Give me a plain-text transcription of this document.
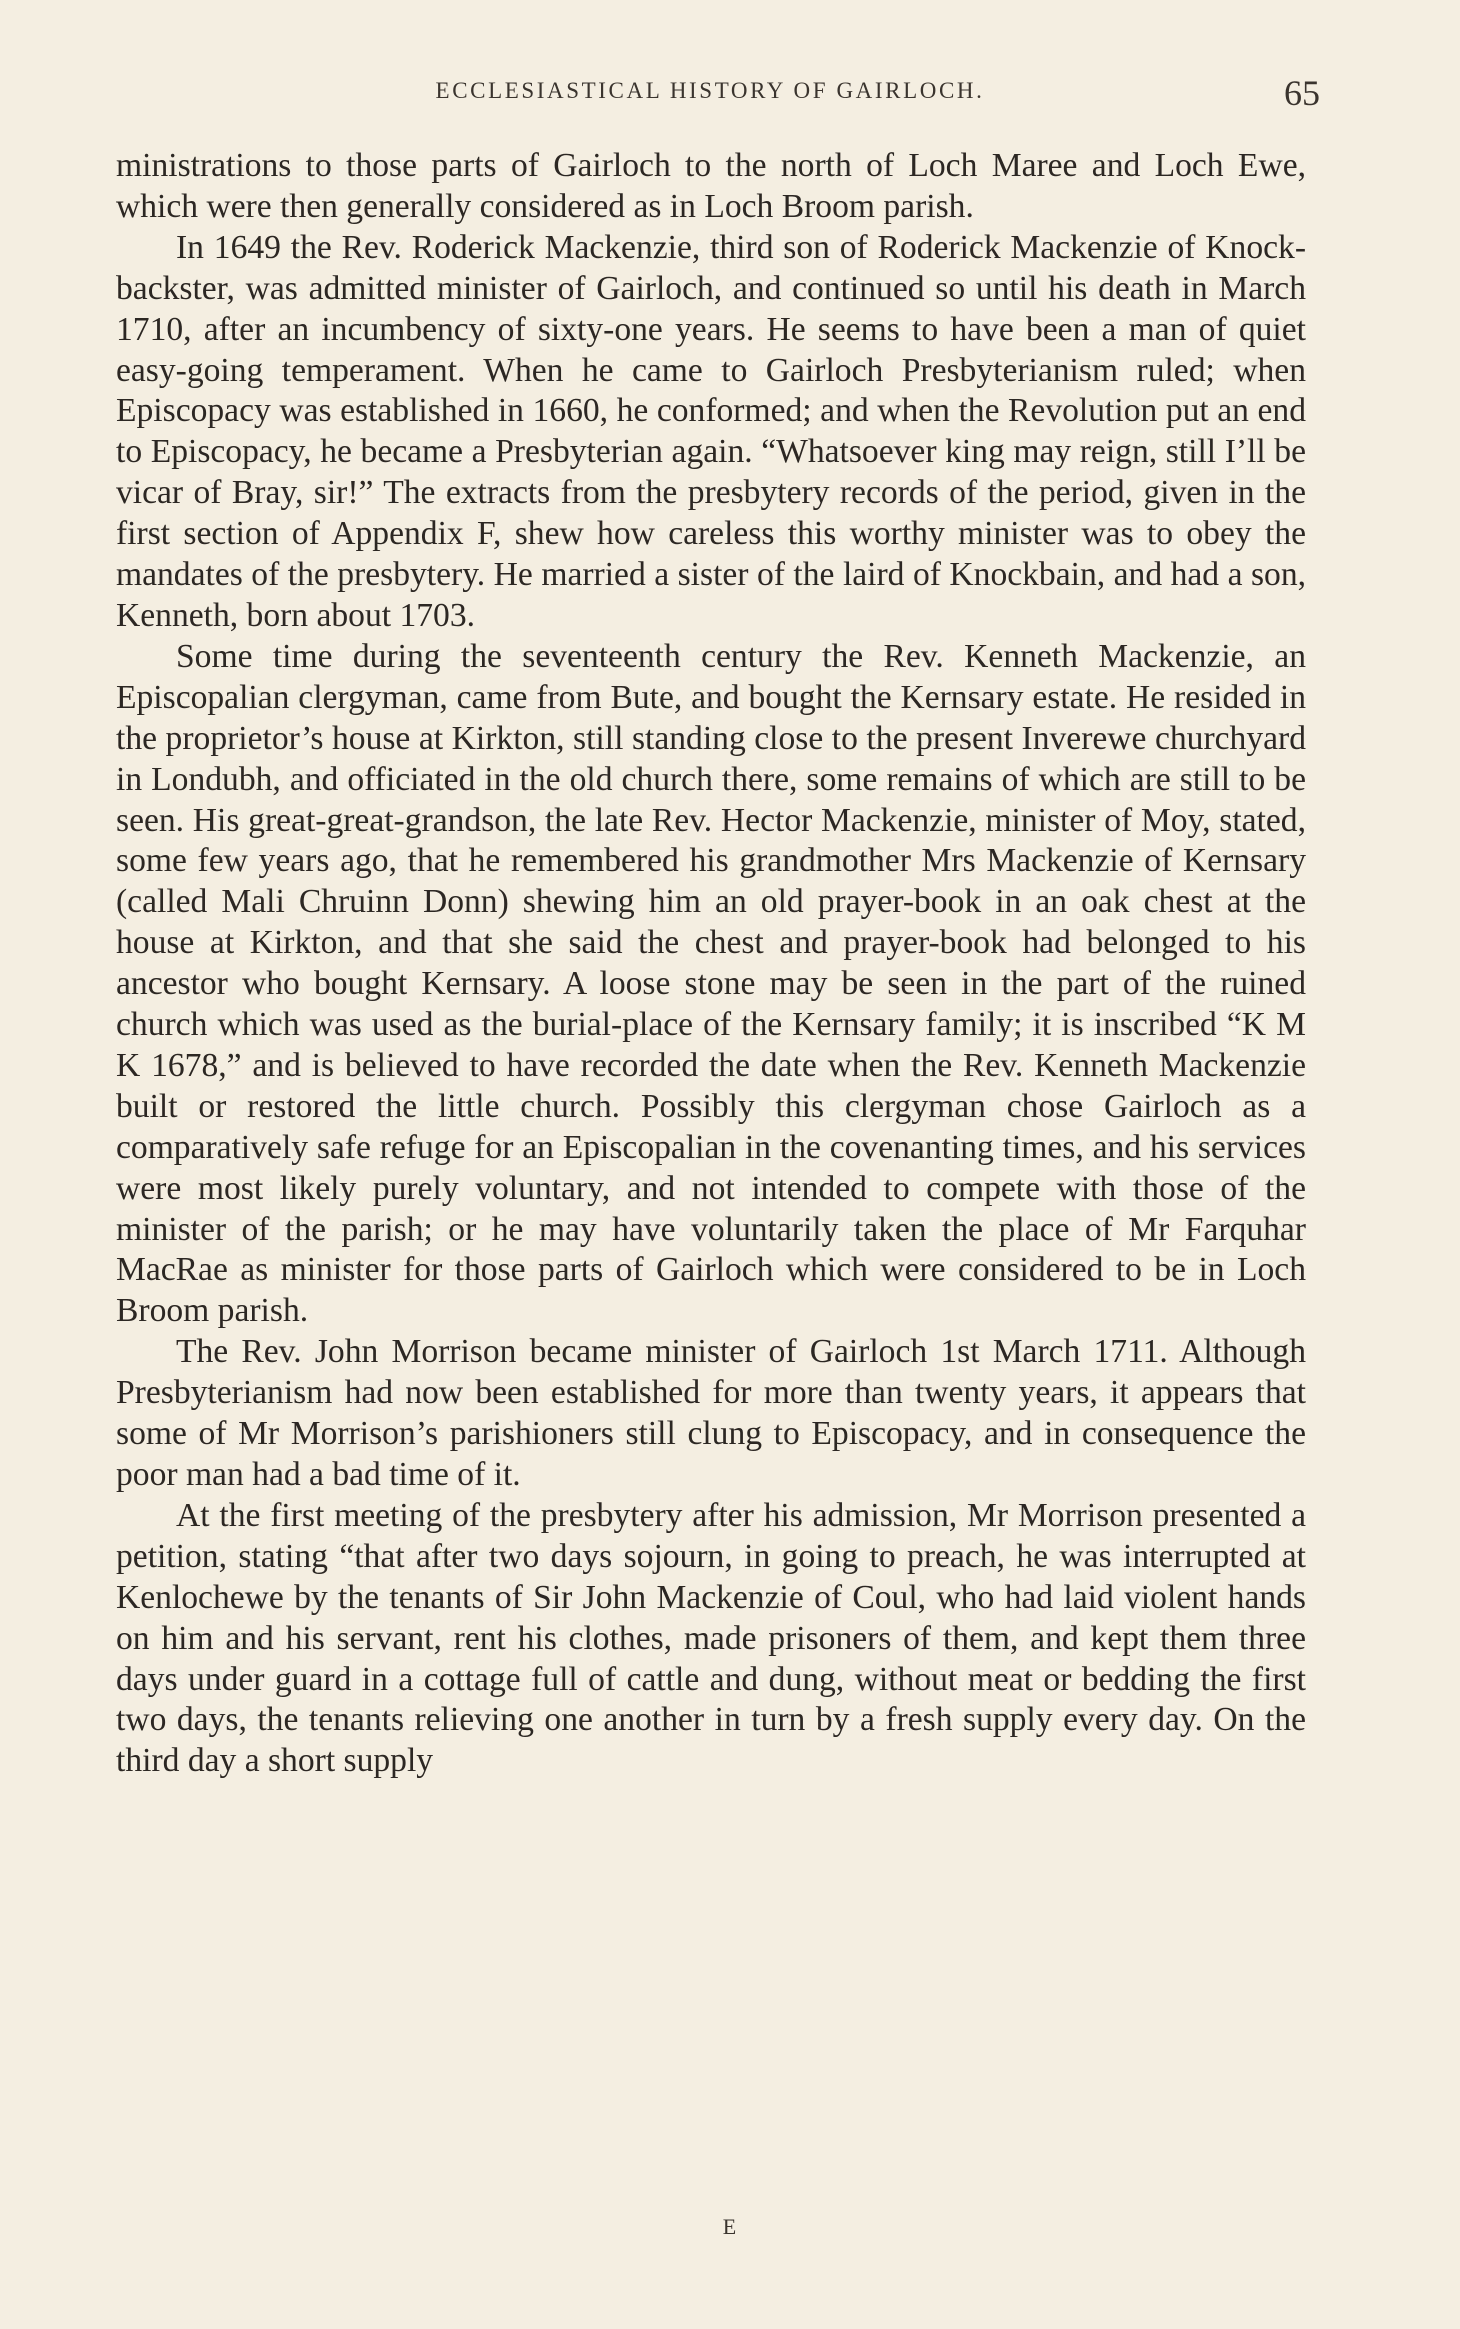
ECCLESIASTICAL HISTORY OF GAIRLOCH.	65

ministrations to those parts of Gairloch to the north of Loch Maree and Loch Ewe, which were then generally considered as in Loch Broom parish.

In 1649 the Rev. Roderick Mackenzie, third son of Roderick Mackenzie of Knock-backster, was admitted minister of Gairloch, and continued so until his death in March 1710, after an incumbency of sixty-one years. He seems to have been a man of quiet easy-going temperament. When he came to Gairloch Presbyterianism ruled; when Episcopacy was established in 1660, he conformed; and when the Revolution put an end to Episcopacy, he became a Presbyterian again. “Whatsoever king may reign, still I’ll be vicar of Bray, sir!” The extracts from the presbytery records of the period, given in the first section of Appendix F, shew how careless this worthy minister was to obey the mandates of the presbytery. He married a sister of the laird of Knockbain, and had a son, Kenneth, born about 1703.

Some time during the seventeenth century the Rev. Kenneth Mackenzie, an Episcopalian clergyman, came from Bute, and bought the Kernsary estate. He resided in the proprietor’s house at Kirkton, still standing close to the present Inverewe churchyard in Londubh, and officiated in the old church there, some remains of which are still to be seen. His great-great-grandson, the late Rev. Hector Mackenzie, minister of Moy, stated, some few years ago, that he remembered his grandmother Mrs Mackenzie of Kernsary (called Mali Chruinn Donn) shewing him an old prayer-book in an oak chest at the house at Kirkton, and that she said the chest and prayer-book had belonged to his ancestor who bought Kernsary. A loose stone may be seen in the part of the ruined church which was used as the burial-place of the Kernsary family; it is inscribed “K M K 1678,” and is believed to have recorded the date when the Rev. Kenneth Mackenzie built or restored the little church. Possibly this clergyman chose Gairloch as a comparatively safe refuge for an Episcopalian in the covenanting times, and his services were most likely purely voluntary, and not intended to compete with those of the minister of the parish; or he may have voluntarily taken the place of Mr Farquhar MacRae as minister for those parts of Gairloch which were considered to be in Loch Broom parish.

The Rev. John Morrison became minister of Gairloch 1st March 1711. Although Presbyterianism had now been established for more than twenty years, it appears that some of Mr Morrison’s parishioners still clung to Episcopacy, and in consequence the poor man had a bad time of it.

At the first meeting of the presbytery after his admission, Mr Morrison presented a petition, stating “that after two days sojourn, in going to preach, he was interrupted at Kenlochewe by the tenants of Sir John Mackenzie of Coul, who had laid violent hands on him and his servant, rent his clothes, made prisoners of them, and kept them three days under guard in a cottage full of cattle and dung, without meat or bedding the first two days, the tenants relieving one another in turn by a fresh supply every day. On the third day a short supply

E
